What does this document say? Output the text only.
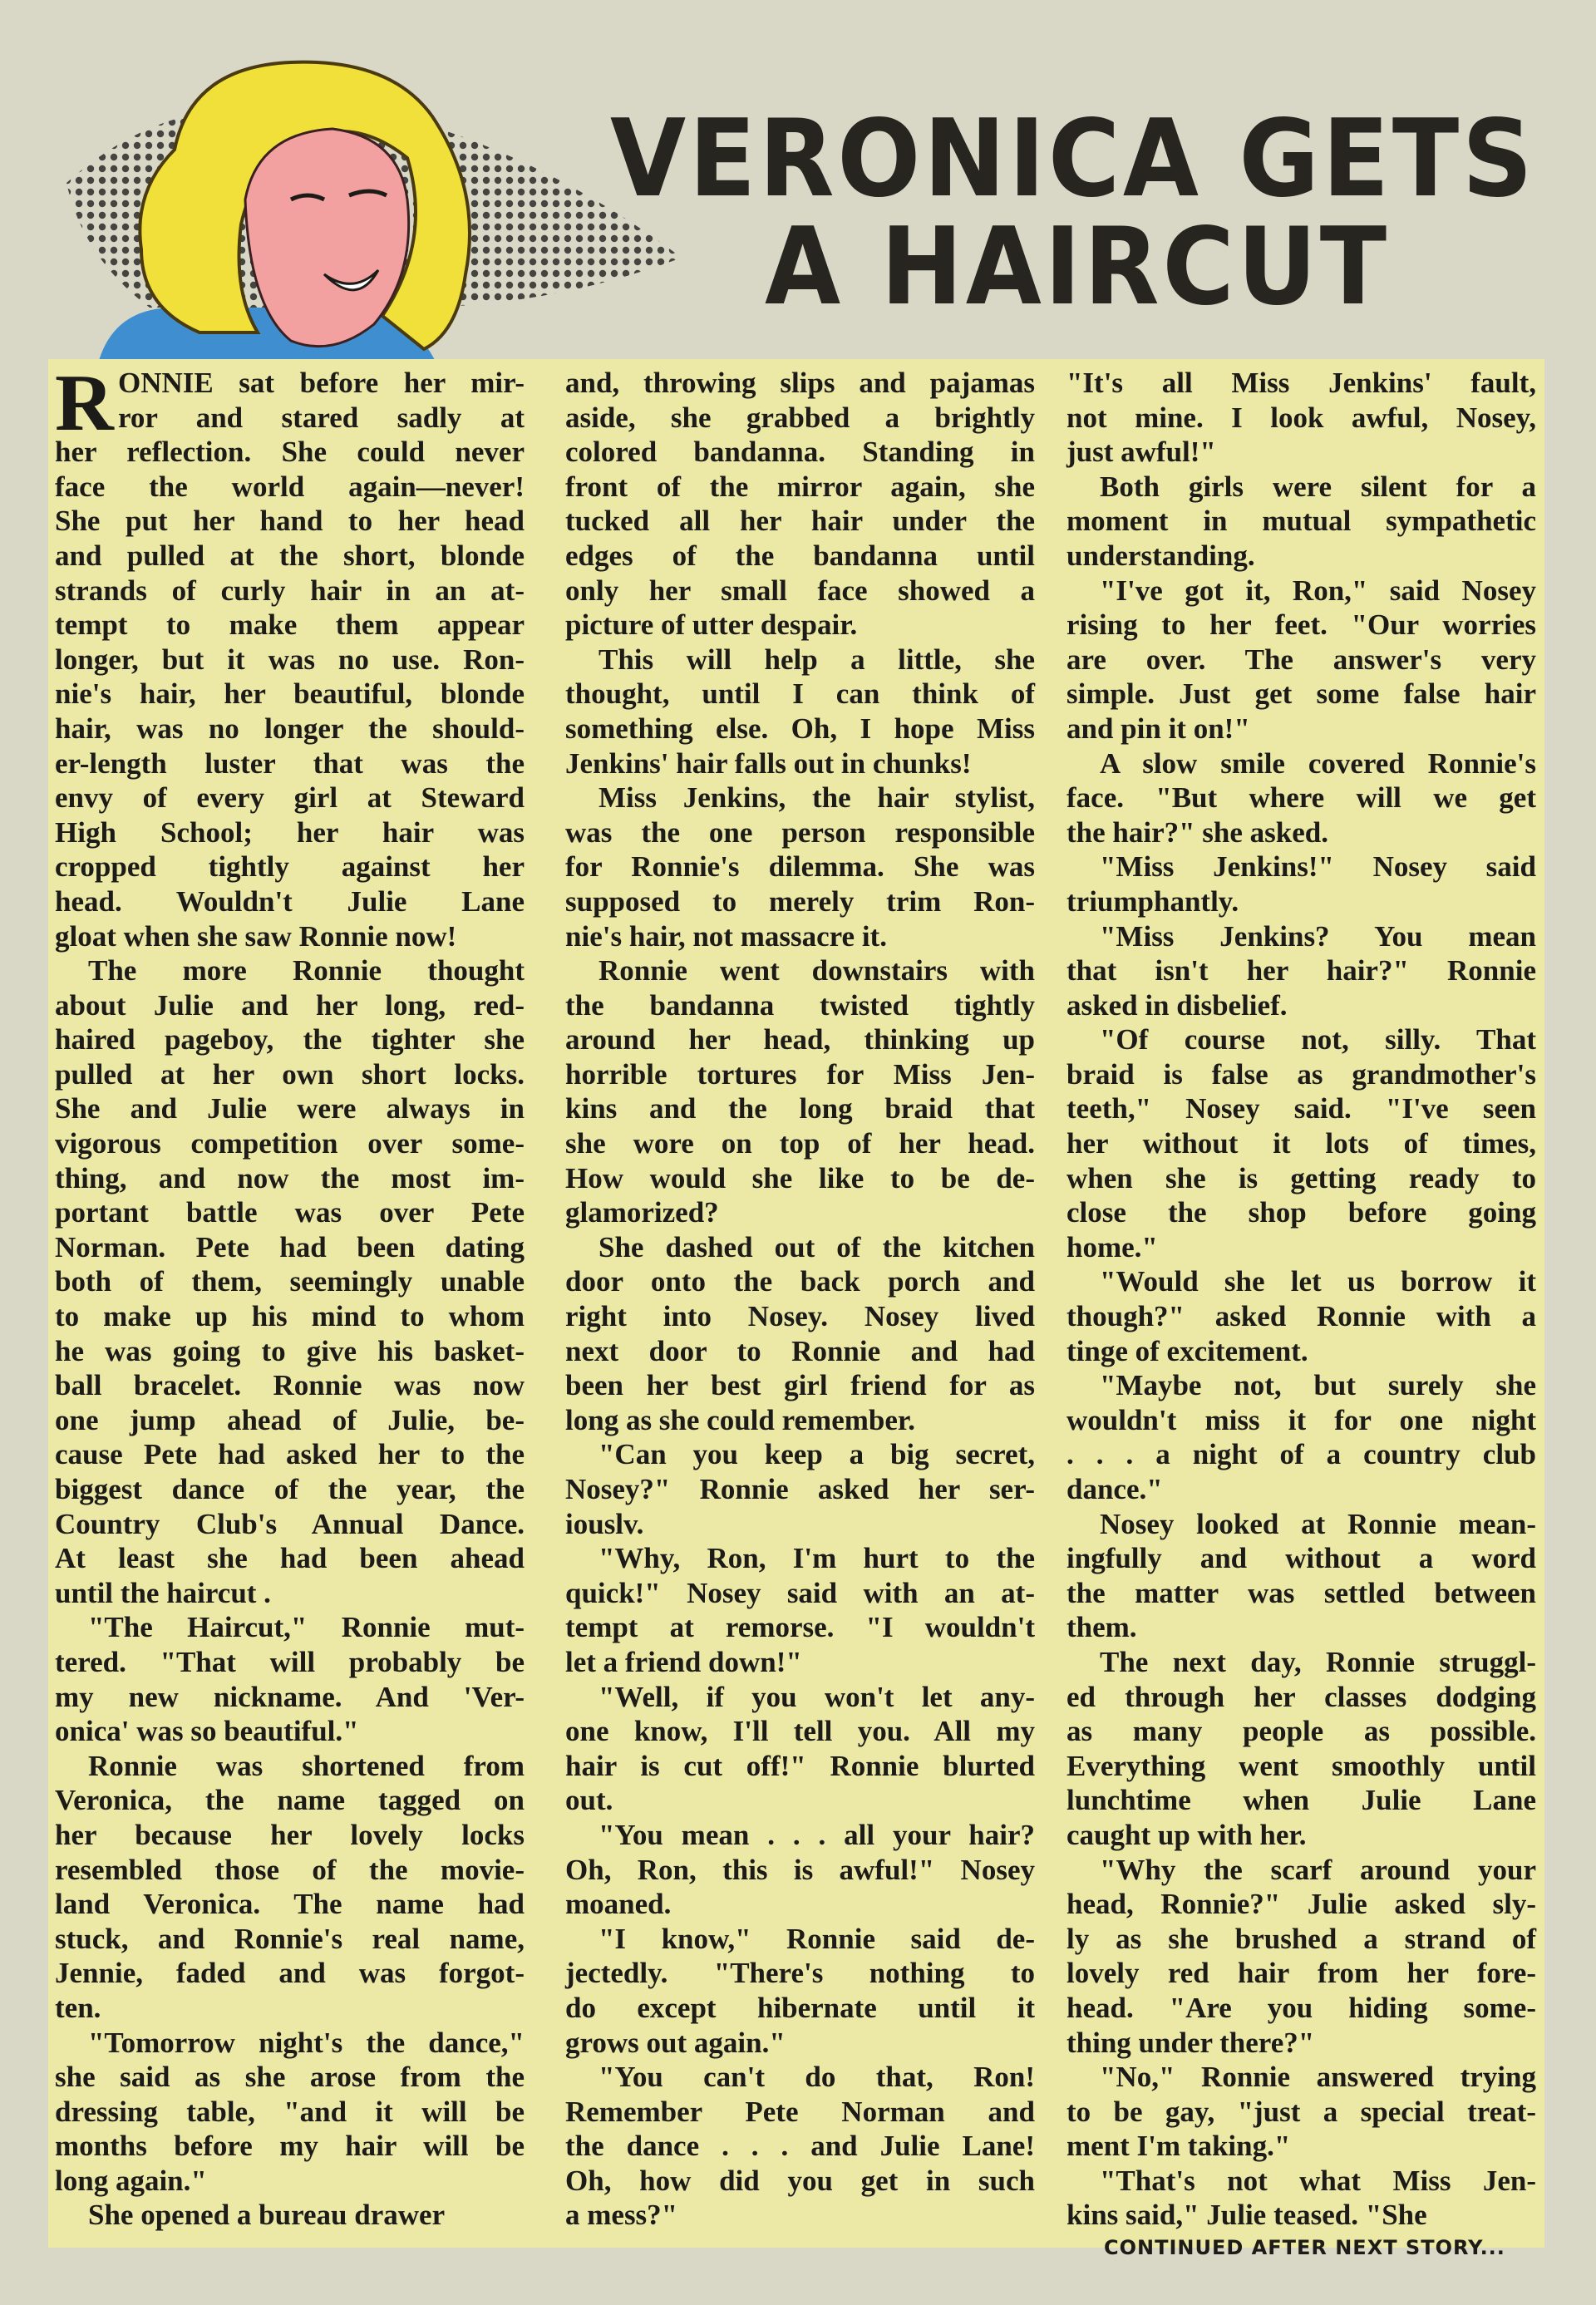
VERONICA GETS
A HAIRCUT
R ONNIE sat before her mir-
ror and stared sadly at
her reflection. She could never
face the world again—never!
She put her hand to her head
and pulled at the short, blonde
strands of curly hair in an at-
tempt to make them appear
longer, but it was no use. Ron-
nie's hair, her beautiful, blonde
hair, was no longer the should-
er-length luster that was the
envy of every girl at Steward
High School; her hair was
cropped tightly against her
head. Wouldn't Julie Lane
gloat when she saw Ronnie now!
The more Ronnie thought
about Julie and her long, red-
haired pageboy, the tighter she
pulled at her own short locks.
She and Julie were always in
vigorous competition over some-
thing, and now the most im-
portant battle was over Pete
Norman. Pete had been dating
both of them, seemingly unable
to make up his mind to whom
he was going to give his basket-
ball bracelet. Ronnie was now
one jump ahead of Julie, be-
cause Pete had asked her to the
biggest dance of the year, the
Country Club's Annual Dance.
At least she had been ahead
until the haircut .
"The Haircut," Ronnie mut-
tered. "That will probably be
my new nickname. And 'Ver-
onica' was so beautiful."
Ronnie was shortened from
Veronica, the name tagged on
her because her lovely locks
resembled those of the movie-
land Veronica. The name had
stuck, and Ronnie's real name,
Jennie, faded and was forgot-
ten.
"Tomorrow night's the dance,"
she said as she arose from the
dressing table, "and it will be
months before my hair will be
long again."
She opened a bureau drawer
and, throwing slips and pajamas
aside, she grabbed a brightly
colored bandanna. Standing in
front of the mirror again, she
tucked all her hair under the
edges of the bandanna until
only her small face showed a
picture of utter despair.
This will help a little, she
thought, until I can think of
something else. Oh, I hope Miss
Jenkins' hair falls out in chunks!
Miss Jenkins, the hair stylist,
was the one person responsible
for Ronnie's dilemma. She was
supposed to merely trim Ron-
nie's hair, not massacre it.
Ronnie went downstairs with
the bandanna twisted tightly
around her head, thinking up
horrible tortures for Miss Jen-
kins and the long braid that
she wore on top of her head.
How would she like to be de-
glamorized?
She dashed out of the kitchen
door onto the back porch and
right into Nosey. Nosey lived
next door to Ronnie and had
been her best girl friend for as
long as she could remember.
"Can you keep a big secret,
Nosey?" Ronnie asked her ser-
iouslv.
"Why, Ron, I'm hurt to the
quick!" Nosey said with an at-
tempt at remorse. "I wouldn't
let a friend down!"
"Well, if you won't let any-
one know, I'll tell you. All my
hair is cut off!" Ronnie blurted
out.
"You mean . . . all your hair?
Oh, Ron, this is awful!" Nosey
moaned.
"I know," Ronnie said de-
jectedly. "There's nothing to
do except hibernate until it
grows out again."
"You can't do that, Ron!
Remember Pete Norman and
the dance . . . and Julie Lane!
Oh, how did you get in such
a mess?"
"It's all Miss Jenkins' fault,
not mine. I look awful, Nosey,
just awful!"
Both girls were silent for a
moment in mutual sympathetic
understanding.
"I've got it, Ron," said Nosey
rising to her feet. "Our worries
are over. The answer's very
simple. Just get some false hair
and pin it on!"
A slow smile covered Ronnie's
face. "But where will we get
the hair?" she asked.
"Miss Jenkins!" Nosey said
triumphantly.
"Miss Jenkins? You mean
that isn't her hair?" Ronnie
asked in disbelief.
"Of course not, silly. That
braid is false as grandmother's
teeth," Nosey said. "I've seen
her without it lots of times,
when she is getting ready to
close the shop before going
home."
"Would she let us borrow it
though?" asked Ronnie with a
tinge of excitement.
"Maybe not, but surely she
wouldn't miss it for one night
. . . a night of a country club
dance."
Nosey looked at Ronnie mean-
ingfully and without a word
the matter was settled between
them.
The next day, Ronnie struggl-
ed through her classes dodging
as many people as possible.
Everything went smoothly until
lunchtime when Julie Lane
caught up with her.
"Why the scarf around your
head, Ronnie?" Julie asked sly-
ly as she brushed a strand of
lovely red hair from her fore-
head. "Are you hiding some-
thing under there?"
"No," Ronnie answered trying
to be gay, "just a special treat-
ment I'm taking."
"That's not what Miss Jen-
kins said," Julie teased. "She
CONTINUED AFTER NEXT STORY...
